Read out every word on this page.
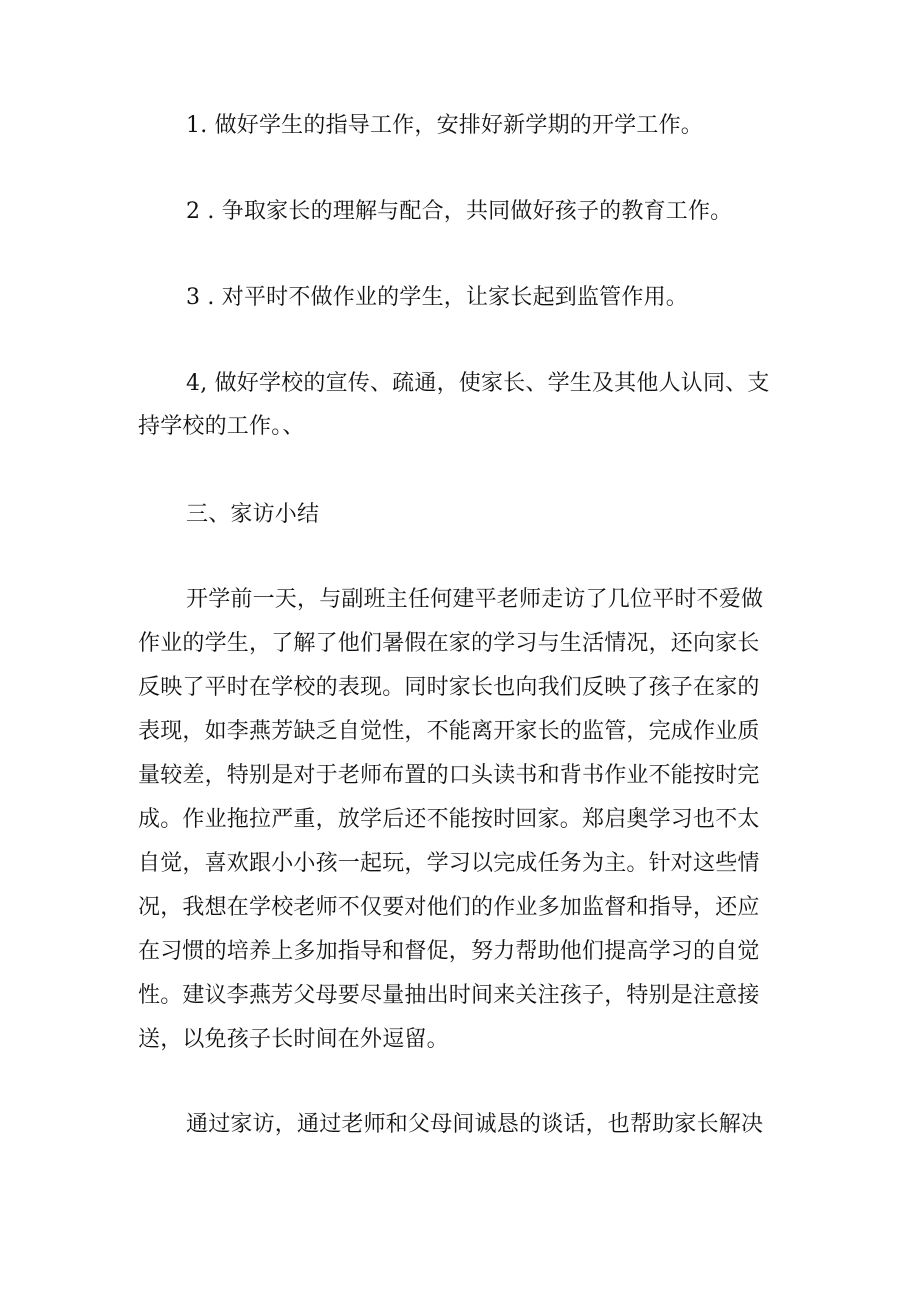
1. 做好学生的指导工作，安排好新学期的开学工作。
2 . 争取家长的理解与配合，共同做好孩子的教育工作。
3 . 对平时不做作业的学生，让家长起到监管作用。
4, 做好学校的宣传、疏通，使家长、学生及其他人认同、支
持学校的工作。、
三、家访小结
开学前一天，与副班主任何建平老师走访了几位平时不爱做
作业的学生，了解了他们暑假在家的学习与生活情况，还向家长
反映了平时在学校的表现。同时家长也向我们反映了孩子在家的
表现，如李燕芳缺乏自觉性，不能离开家长的监管，完成作业质
量较差，特别是对于老师布置的口头读书和背书作业不能按时完
成。作业拖拉严重，放学后还不能按时回家。郑启奥学习也不太
自觉，喜欢跟小小孩一起玩，学习以完成任务为主。针对这些情
况，我想在学校老师不仅要对他们的作业多加监督和指导，还应
在习惯的培养上多加指导和督促，努力帮助他们提高学习的自觉
性。建议李燕芳父母要尽量抽出时间来关注孩子，特别是注意接
送，以免孩子长时间在外逗留。
通过家访，通过老师和父母间诚恳的谈话，也帮助家长解决
